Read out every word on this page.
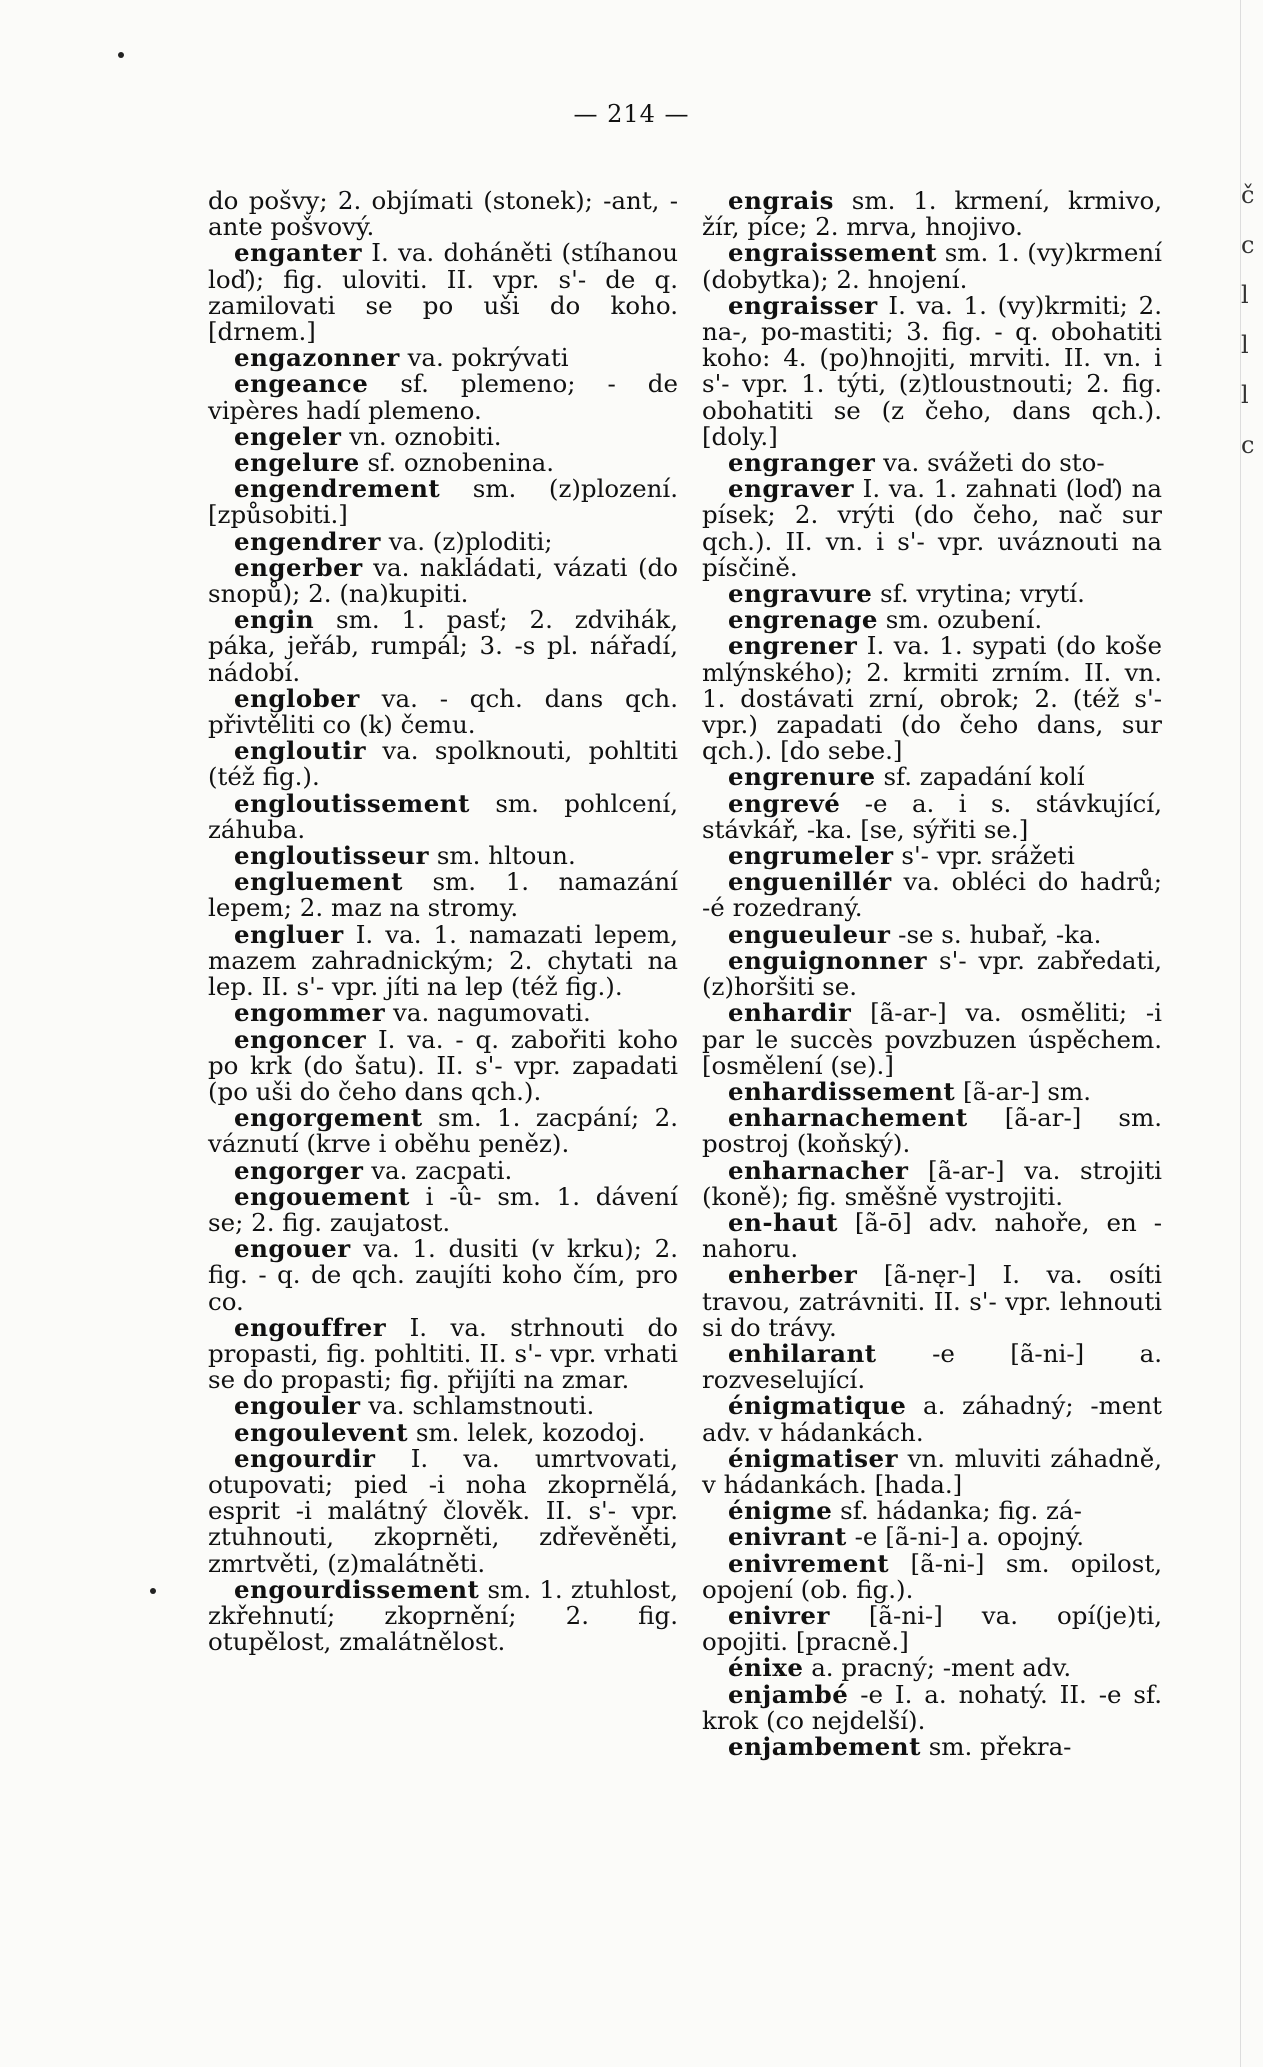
— 214 —

do pošvy; 2. objímati (stonek); -ant, -ante pošvový.

enganter I. va. doháněti (stíhanou loď); fig. uloviti. II. vpr. s'- de q. zamilovati se po uši do koho. [drnem.]

engazonner va. pokrývati

engeance sf. plemeno; - de vipères hadí plemeno.

engeler vn. oznobiti.

engelure sf. oznobenina.

engendrement sm. (z)plození. [způsobiti.]

engendrer va. (z)ploditi;

engerber va. nakládati, vázati (do snopů); 2. (na)kupiti.

engin sm. 1. pasť; 2. zdvihák, páka, jeřáb, rumpál; 3. -s pl. nářadí, nádobí.

englober va. - qch. dans qch. přivtěliti co (k) čemu.

engloutir va. spolknouti, pohltiti (též fig.).

engloutissement sm. pohlcení, záhuba.

engloutisseur sm. hltoun.

engluement sm. 1. namazání lepem; 2. maz na stromy.

engluer I. va. 1. namazati lepem, mazem zahradnickým; 2. chytati na lep. II. s'- vpr. jíti na lep (též fig.).

engommer va. nagumovati.

engoncer I. va. - q. zabořiti koho po krk (do šatu). II. s'- vpr. zapadati (po uši do čeho dans qch.).

engorgement sm. 1. zacpání; 2. váznutí (krve i oběhu peněz).

engorger va. zacpati.

engouement i -û- sm. 1. dávení se; 2. fig. zaujatost.

engouer va. 1. dusiti (v krku); 2. fig. - q. de qch. zaujíti koho čím, pro co.

engouffrer I. va. strhnouti do propasti, fig. pohltiti. II. s'- vpr. vrhati se do propasti; fig. přijíti na zmar.

engouler va. schlamstnouti.

engoulevent sm. lelek, kozodoj.

engourdir I. va. umrtvovati, otupovati; pied -i noha zkoprnělá, esprit -i malátný člověk. II. s'- vpr. ztuhnouti, zkoprněti, zdřevěněti, zmrtvěti, (z)malátněti.

engourdissement sm. 1. ztuhlost, zkřehnutí; zkoprnění; 2. fig. otupělost, zmalátnělost.

engrais sm. 1. krmení, krmivo, žír, píce; 2. mrva, hnojivo.

engraissement sm. 1. (vy)krmení (dobytka); 2. hnojení.

engraisser I. va. 1. (vy)krmiti; 2. na-, po-mastiti; 3. fig. - q. obohatiti koho: 4. (po)hnojiti, mrviti. II. vn. i s'- vpr. 1. týti, (z)tloustnouti; 2. fig. obohatiti se (z čeho, dans qch.). [doly.]

engranger va. svážeti do sto-

engraver I. va. 1. zahnati (loď) na písek; 2. vrýti (do čeho, nač sur qch.). II. vn. i s'- vpr. uváznouti na písčině.

engravure sf. vrytina; vrytí.

engrenage sm. ozubení.

engrener I. va. 1. sypati (do koše mlýnského); 2. krmiti zrním. II. vn. 1. dostávati zrní, obrok; 2. (též s'- vpr.) zapadati (do čeho dans, sur qch.). [do sebe.]

engrenure sf. zapadání kolí

engrevé -e a. i s. stávkující, stávkář, -ka. [se, sýřiti se.]

engrumeler s'- vpr. srážeti

enguenillér va. obléci do hadrů; -é rozedraný.

engueuleur -se s. hubař, -ka.

enguignonner s'- vpr. zabředati, (z)horšiti se.

enhardir [ã-ar-] va. osměliti; -i par le succès povzbuzen úspěchem. [osmělení (se).]

enhardissement [ã-ar-] sm.

enharnachement [ã-ar-] sm. postroj (koňský).

enharnacher [ã-ar-] va. strojiti (koně); fig. směšně vystrojiti.

en-haut [ã-ō] adv. nahoře, en - nahoru.

enherber [ã-nęr-] I. va. osíti travou, zatrávniti. II. s'- vpr. lehnouti si do trávy.

enhilarant -e [ã-ni-] a. rozveselující.

énigmatique a. záhadný; -ment adv. v hádankách.

énigmatiser vn. mluviti záhadně, v hádankách. [hada.]

énigme sf. hádanka; fig. zá-

enivrant -e [ã-ni-] a. opojný.

enivrement [ã-ni-] sm. opilost, opojení (ob. fig.).

enivrer [ã-ni-] va. opí(je)ti, opojiti. [pracně.]

énixe a. pracný; -ment adv.

enjambé -e I. a. nohatý. II. -e sf. krok (co nejdelší).

enjambement sm. překra-

č
c
l
l
l
c
